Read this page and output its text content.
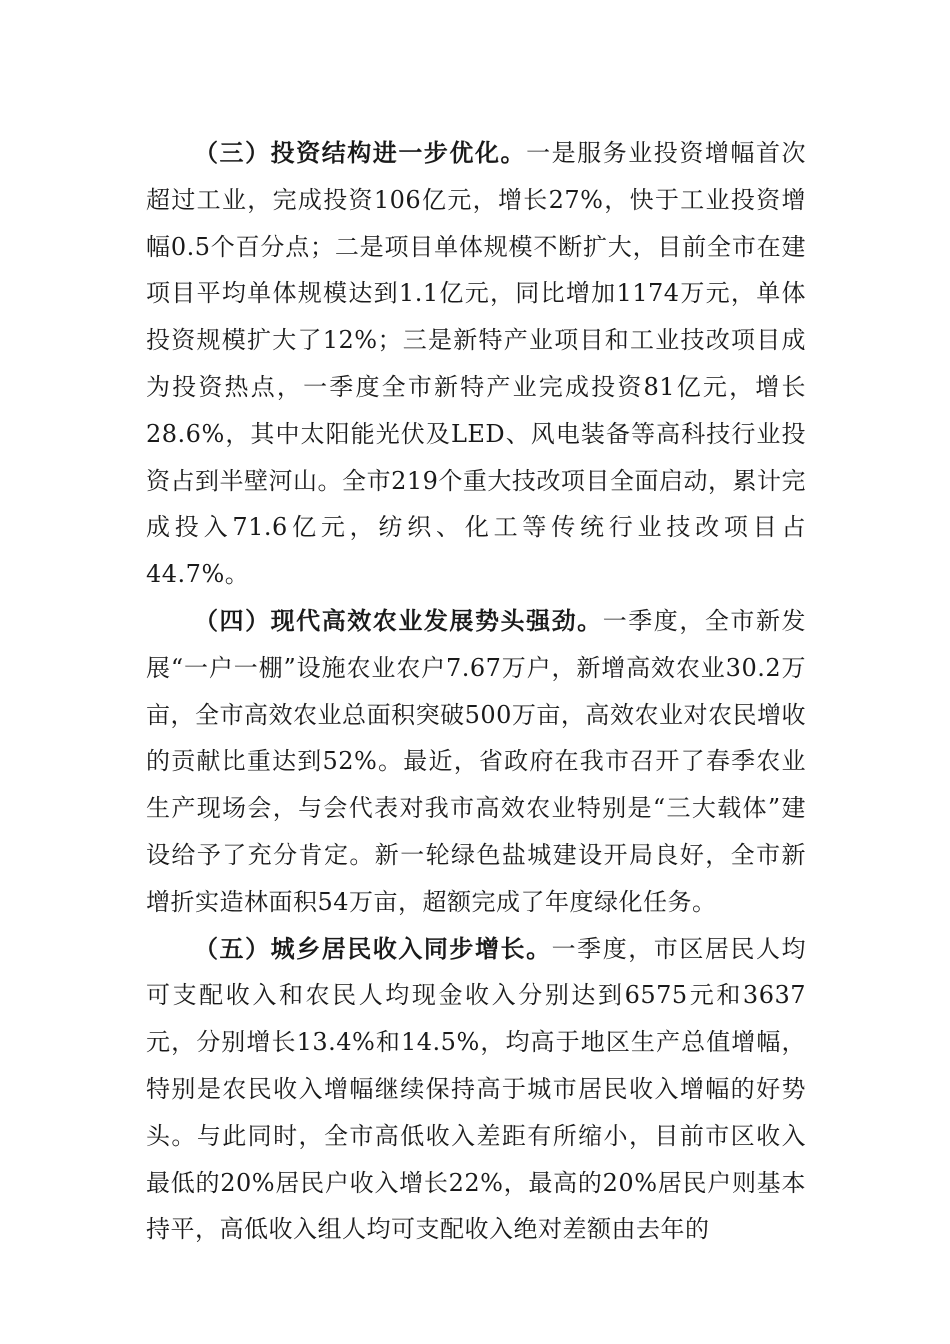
（三）投资结构进一步优化。一是服务业投资增幅首次超过工业，完成投资106亿元，增长27%，快于工业投资增幅0.5个百分点；二是项目单体规模不断扩大，目前全市在建项目平均单体规模达到1.1亿元，同比增加1174万元，单体投资规模扩大了12%；三是新特产业项目和工业技改项目成为投资热点，一季度全市新特产业完成投资81亿元，增长28.6%，其中太阳能光伏及LED、风电装备等高科技行业投资占到半壁河山。全市219个重大技改项目全面启动，累计完成投入71.6亿元，纺织、化工等传统行业技改项目占44.7%。

（四）现代高效农业发展势头强劲。一季度，全市新发展“一户一棚”设施农业农户7.67万户，新增高效农业30.2万亩，全市高效农业总面积突破500万亩，高效农业对农民增收的贡献比重达到52%。最近，省政府在我市召开了春季农业生产现场会，与会代表对我市高效农业特别是“三大载体”建设给予了充分肯定。新一轮绿色盐城建设开局良好，全市新增折实造林面积54万亩，超额完成了年度绿化任务。

（五）城乡居民收入同步增长。一季度，市区居民人均可支配收入和农民人均现金收入分别达到6575元和3637元，分别增长13.4%和14.5%，均高于地区生产总值增幅，特别是农民收入增幅继续保持高于城市居民收入增幅的好势头。与此同时，全市高低收入差距有所缩小，目前市区收入最低的20%居民户收入增长22%，最高的20%居民户则基本持平，高低收入组人均可支配收入绝对差额由去年的
